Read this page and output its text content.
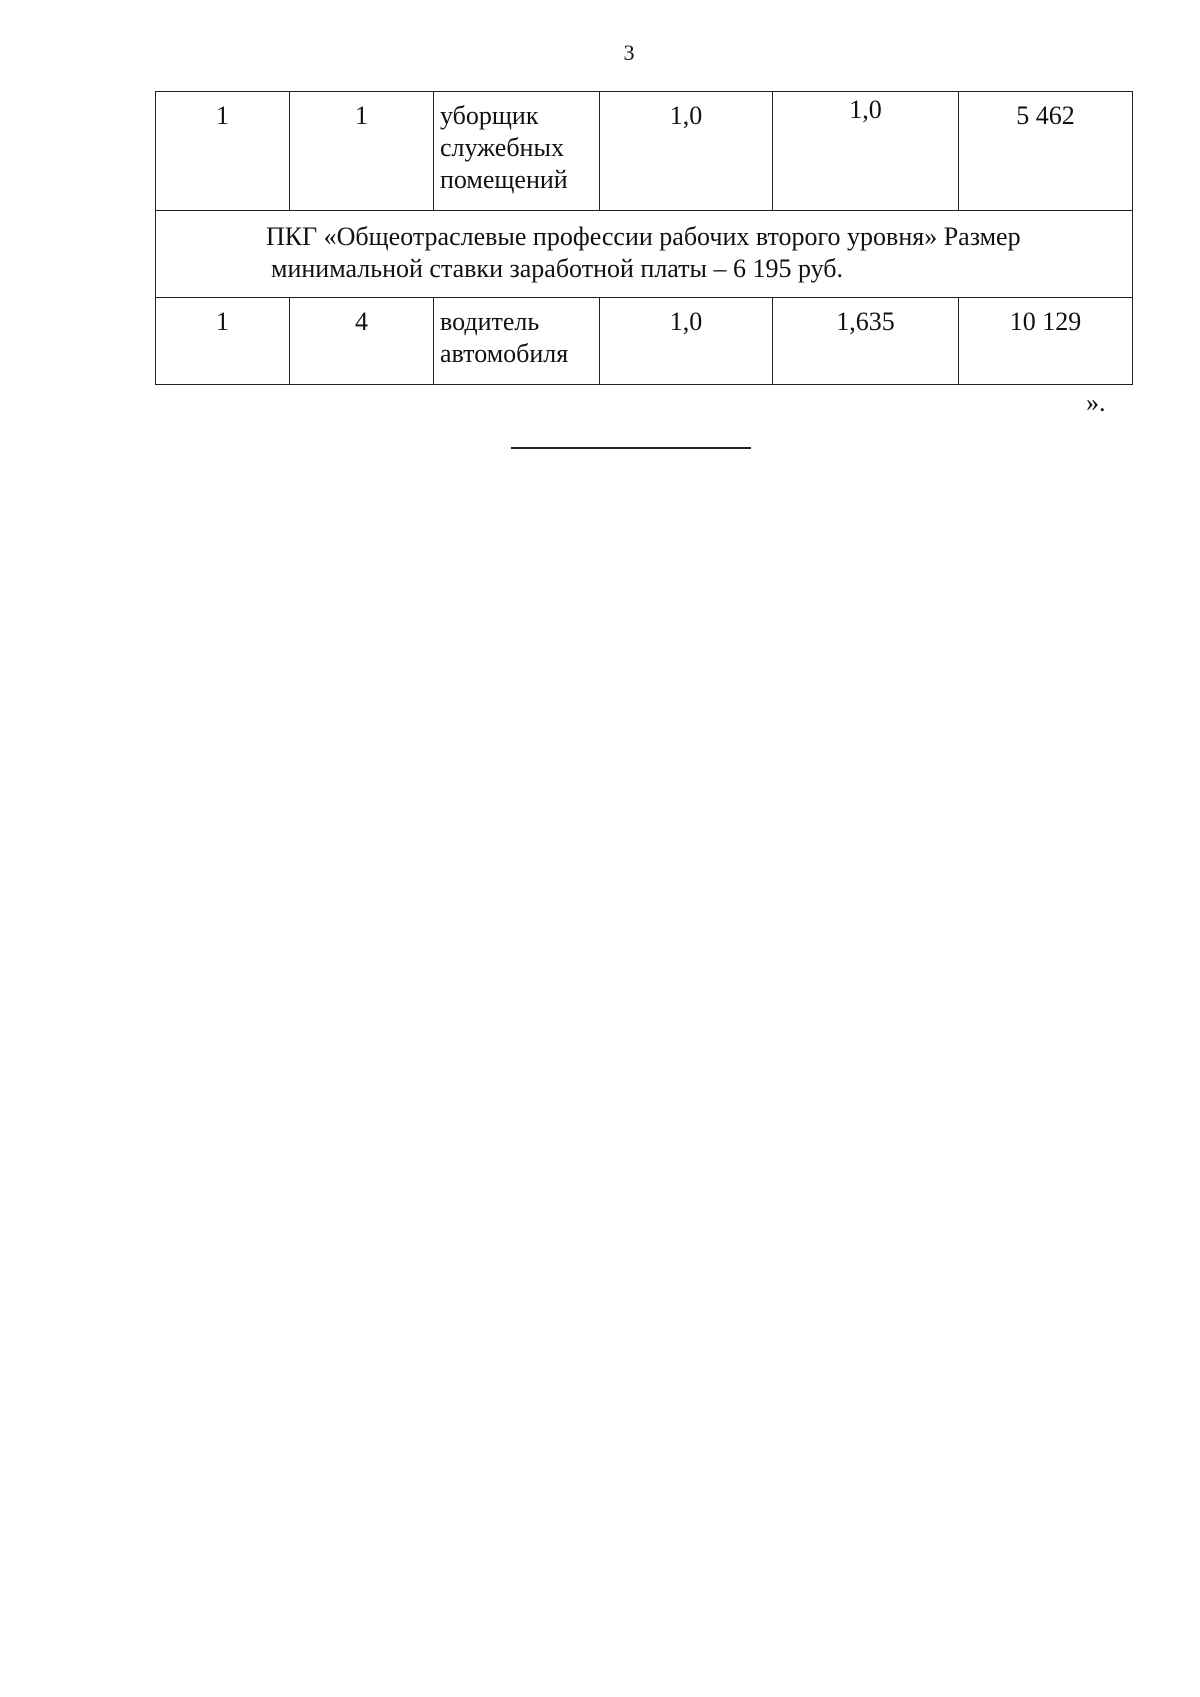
3
1	1	уборщик
служебных
помещений	1,0	1,0	5 462
ПКГ «Общеотраслевые профессии рабочих второго уровня» Размер

минимальной ставки заработной платы – 6 195 руб.					

1	4	водитель
автомобиля	1,0	1,635	10 129
».
